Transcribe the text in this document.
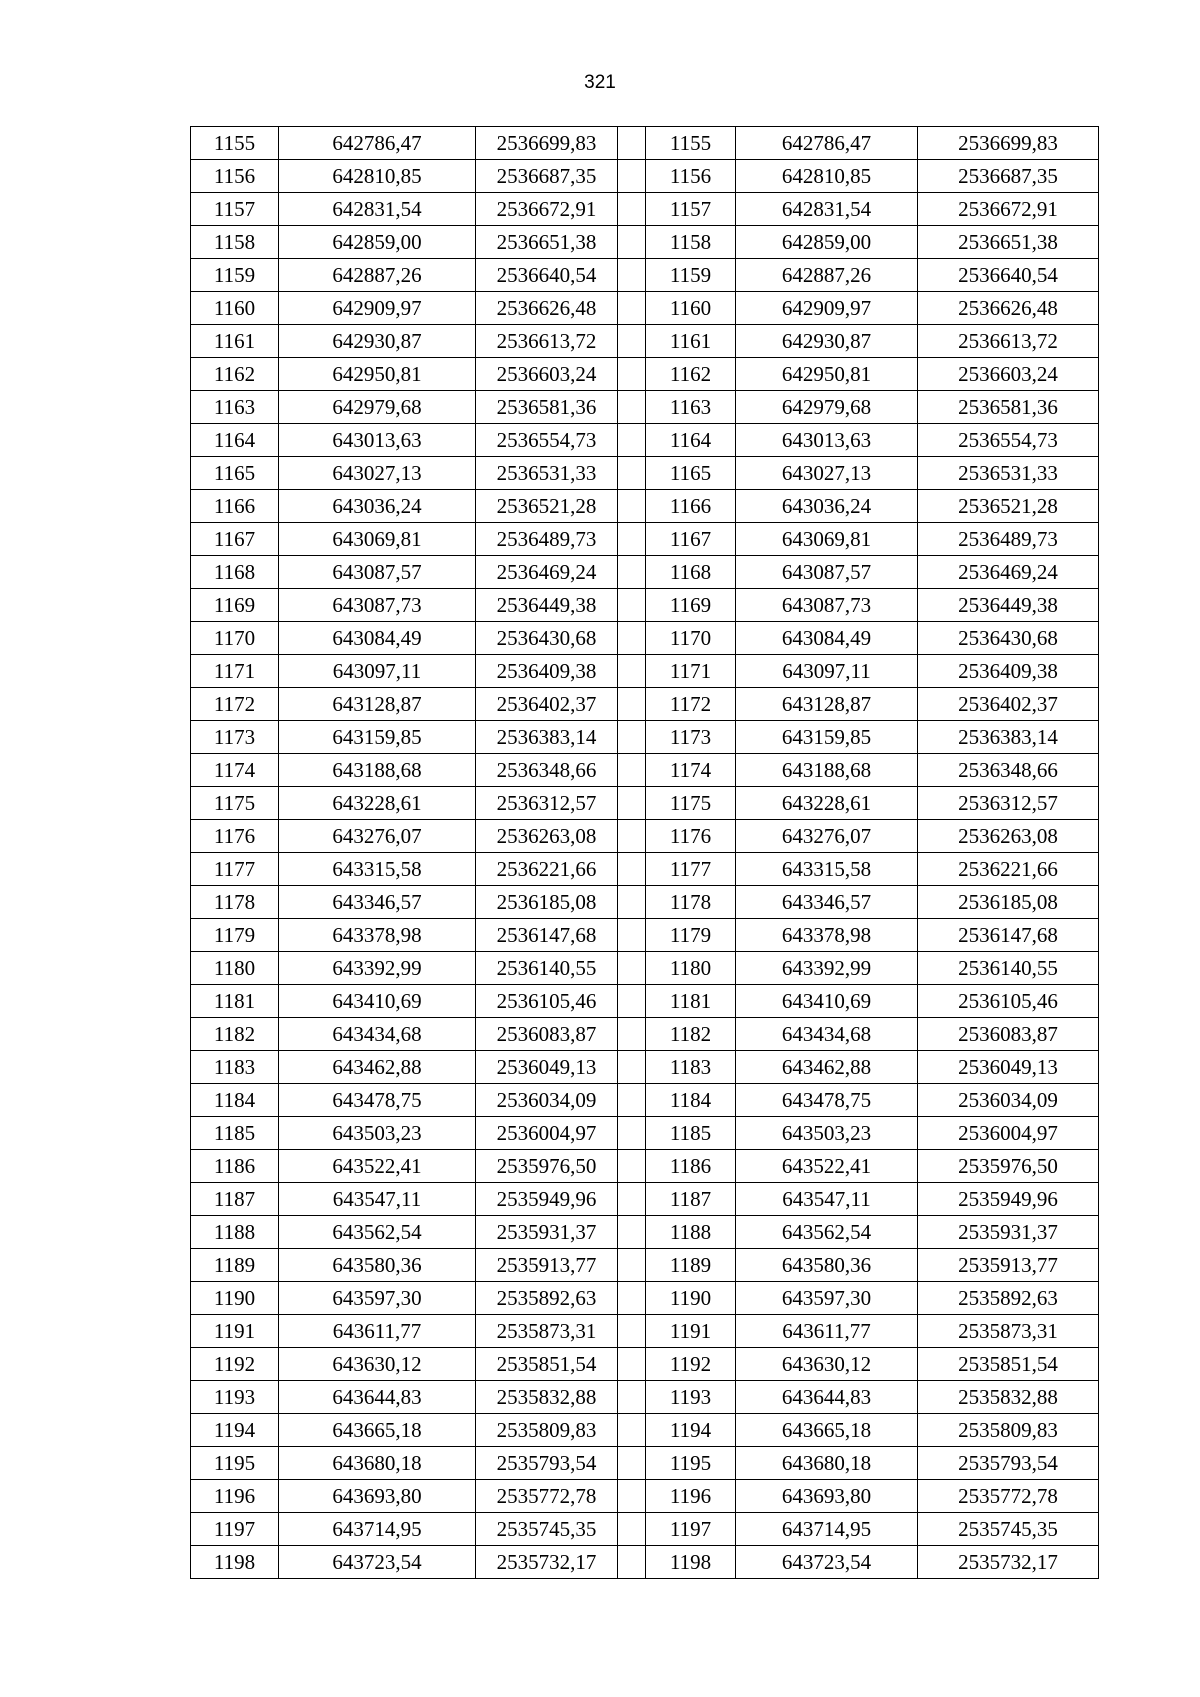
321
1155	642786,47	2536699,83		1155	642786,47	2536699,83
1156	642810,85	2536687,35		1156	642810,85	2536687,35
1157	642831,54	2536672,91		1157	642831,54	2536672,91
1158	642859,00	2536651,38		1158	642859,00	2536651,38
1159	642887,26	2536640,54		1159	642887,26	2536640,54
1160	642909,97	2536626,48		1160	642909,97	2536626,48
1161	642930,87	2536613,72		1161	642930,87	2536613,72
1162	642950,81	2536603,24		1162	642950,81	2536603,24
1163	642979,68	2536581,36		1163	642979,68	2536581,36
1164	643013,63	2536554,73		1164	643013,63	2536554,73
1165	643027,13	2536531,33		1165	643027,13	2536531,33
1166	643036,24	2536521,28		1166	643036,24	2536521,28
1167	643069,81	2536489,73		1167	643069,81	2536489,73
1168	643087,57	2536469,24		1168	643087,57	2536469,24
1169	643087,73	2536449,38		1169	643087,73	2536449,38
1170	643084,49	2536430,68		1170	643084,49	2536430,68
1171	643097,11	2536409,38		1171	643097,11	2536409,38
1172	643128,87	2536402,37		1172	643128,87	2536402,37
1173	643159,85	2536383,14		1173	643159,85	2536383,14
1174	643188,68	2536348,66		1174	643188,68	2536348,66
1175	643228,61	2536312,57		1175	643228,61	2536312,57
1176	643276,07	2536263,08		1176	643276,07	2536263,08
1177	643315,58	2536221,66		1177	643315,58	2536221,66
1178	643346,57	2536185,08		1178	643346,57	2536185,08
1179	643378,98	2536147,68		1179	643378,98	2536147,68
1180	643392,99	2536140,55		1180	643392,99	2536140,55
1181	643410,69	2536105,46		1181	643410,69	2536105,46
1182	643434,68	2536083,87		1182	643434,68	2536083,87
1183	643462,88	2536049,13		1183	643462,88	2536049,13
1184	643478,75	2536034,09		1184	643478,75	2536034,09
1185	643503,23	2536004,97		1185	643503,23	2536004,97
1186	643522,41	2535976,50		1186	643522,41	2535976,50
1187	643547,11	2535949,96		1187	643547,11	2535949,96
1188	643562,54	2535931,37		1188	643562,54	2535931,37
1189	643580,36	2535913,77		1189	643580,36	2535913,77
1190	643597,30	2535892,63		1190	643597,30	2535892,63
1191	643611,77	2535873,31		1191	643611,77	2535873,31
1192	643630,12	2535851,54		1192	643630,12	2535851,54
1193	643644,83	2535832,88		1193	643644,83	2535832,88
1194	643665,18	2535809,83		1194	643665,18	2535809,83
1195	643680,18	2535793,54		1195	643680,18	2535793,54
1196	643693,80	2535772,78		1196	643693,80	2535772,78
1197	643714,95	2535745,35		1197	643714,95	2535745,35
1198	643723,54	2535732,17		1198	643723,54	2535732,17
